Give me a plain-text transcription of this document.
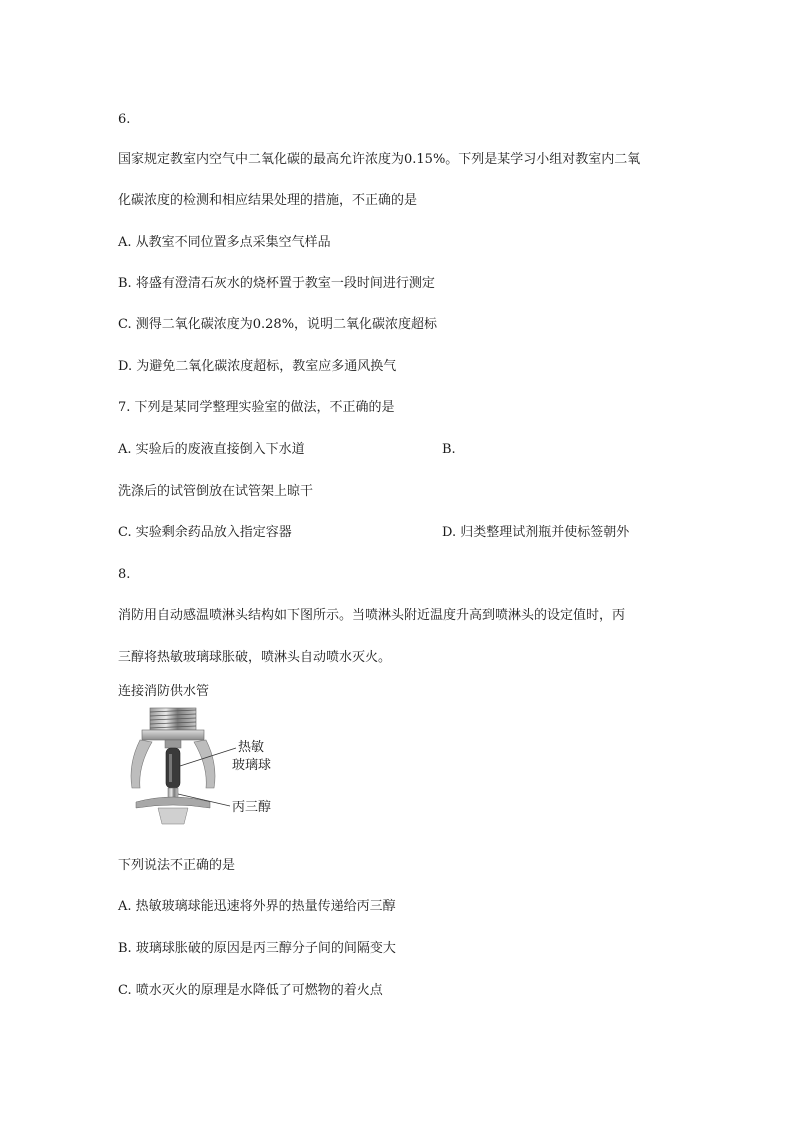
6.
国家规定教室内空气中二氧化碳的最高允许浓度为0.15%。下列是某学习小组对教室内二氧
化碳浓度的检测和相应结果处理的措施，不正确的是
A. 从教室不同位置多点采集空气样品
B. 将盛有澄清石灰水的烧杯置于教室一段时间进行测定
C. 测得二氧化碳浓度为0.28%，说明二氧化碳浓度超标
D. 为避免二氧化碳浓度超标，教室应多通风换气
7. 下列是某同学整理实验室的做法，不正确的是
A. 实验后的废液直接倒入下水道	B.
洗涤后的试管倒放在试管架上晾干
C. 实验剩余药品放入指定容器	D. 归类整理试剂瓶并使标签朝外
8.
消防用自动感温喷淋头结构如下图所示。当喷淋头附近温度升高到喷淋头的设定值时，丙
三醇将热敏玻璃球胀破，喷淋头自动喷水灭火。
连接消防供水管
热敏
玻璃球
丙三醇
下列说法不正确的是
A. 热敏玻璃球能迅速将外界的热量传递给丙三醇
B. 玻璃球胀破的原因是丙三醇分子间的间隔变大
C. 喷水灭火的原理是水降低了可燃物的着火点
